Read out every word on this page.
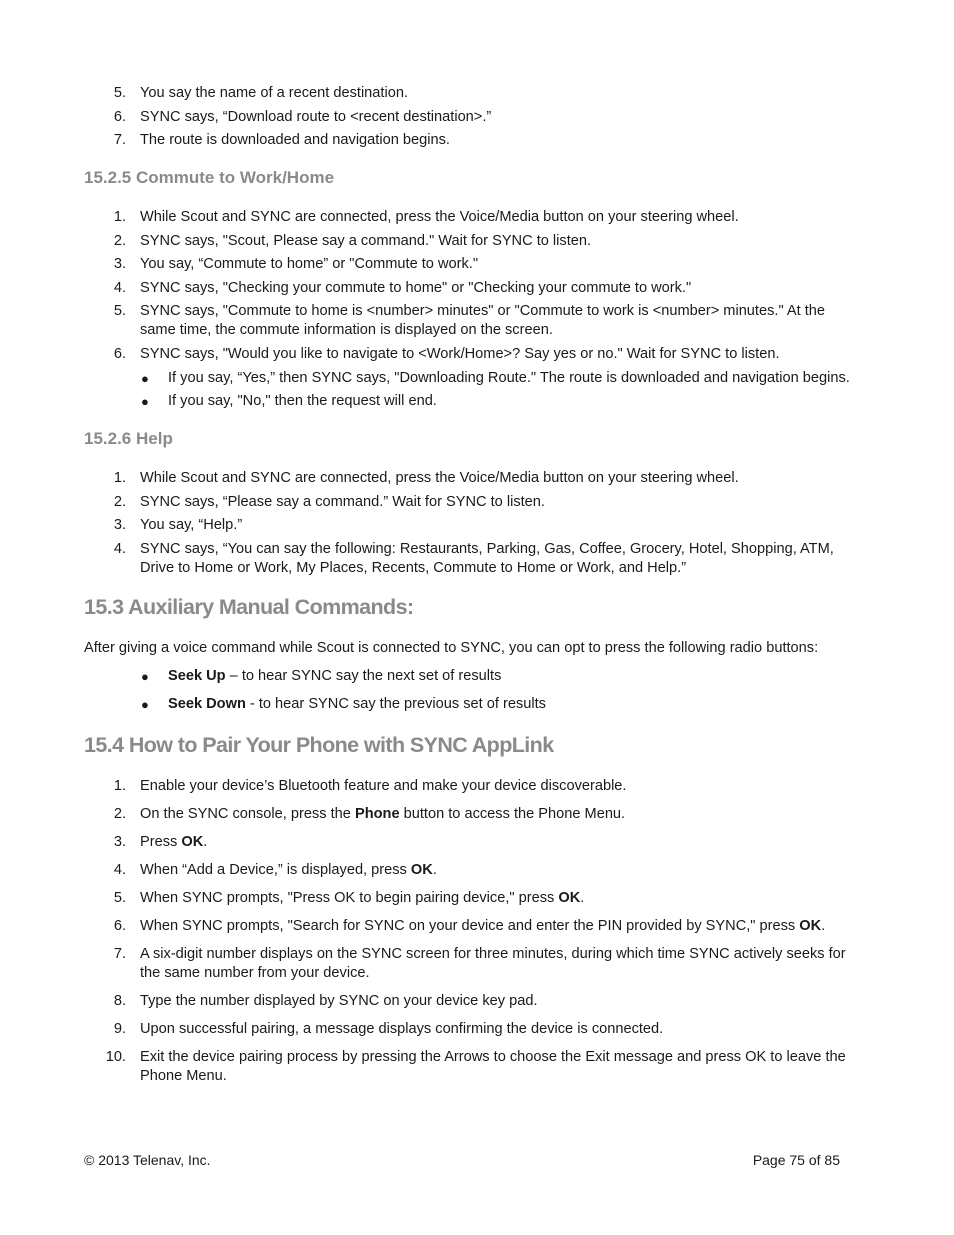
5. You say the name of a recent destination.
6. SYNC says, “Download route to <recent destination>.”
7. The route is downloaded and navigation begins.
15.2.5 Commute to Work/Home
1. While Scout and SYNC are connected, press the Voice/Media button on your steering wheel.
2. SYNC says, "Scout, Please say a command." Wait for SYNC to listen.
3. You say, “Commute to home” or "Commute to work."
4. SYNC says, "Checking your commute to home" or "Checking your commute to work."
5. SYNC says, "Commute to home is <number> minutes" or "Commute to work is <number> minutes." At the same time, the commute information is displayed on the screen.
6. SYNC says, "Would you like to navigate to <Work/Home>? Say yes or no." Wait for SYNC to listen.
● If you say, “Yes,” then SYNC says, "Downloading Route." The route is downloaded and navigation begins.
● If you say, "No," then the request will end.
15.2.6 Help
1. While Scout and SYNC are connected, press the Voice/Media button on your steering wheel.
2. SYNC says, “Please say a command.” Wait for SYNC to listen.
3. You say, “Help.”
4. SYNC says, “You can say the following: Restaurants, Parking, Gas, Coffee, Grocery, Hotel, Shopping, ATM, Drive to Home or Work, My Places, Recents, Commute to Home or Work, and Help.”
15.3 Auxiliary Manual Commands:
After giving a voice command while Scout is connected to SYNC, you can opt to press the following radio buttons:
● Seek Up – to hear SYNC say the next set of results
● Seek Down - to hear SYNC say the previous set of results
15.4 How to Pair Your Phone with SYNC AppLink
1. Enable your device’s Bluetooth feature and make your device discoverable.
2. On the SYNC console, press the Phone button to access the Phone Menu.
3. Press OK.
4. When “Add a Device,” is displayed, press OK.
5. When SYNC prompts, "Press OK to begin pairing device," press OK.
6. When SYNC prompts, "Search for SYNC on your device and enter the PIN provided by SYNC," press OK.
7. A six-digit number displays on the SYNC screen for three minutes, during which time SYNC actively seeks for the same number from your device.
8. Type the number displayed by SYNC on your device key pad.
9. Upon successful pairing, a message displays confirming the device is connected.
10. Exit the device pairing process by pressing the Arrows to choose the Exit message and press OK to leave the Phone Menu.
© 2013 Telenav, Inc.	Page 75 of 85
